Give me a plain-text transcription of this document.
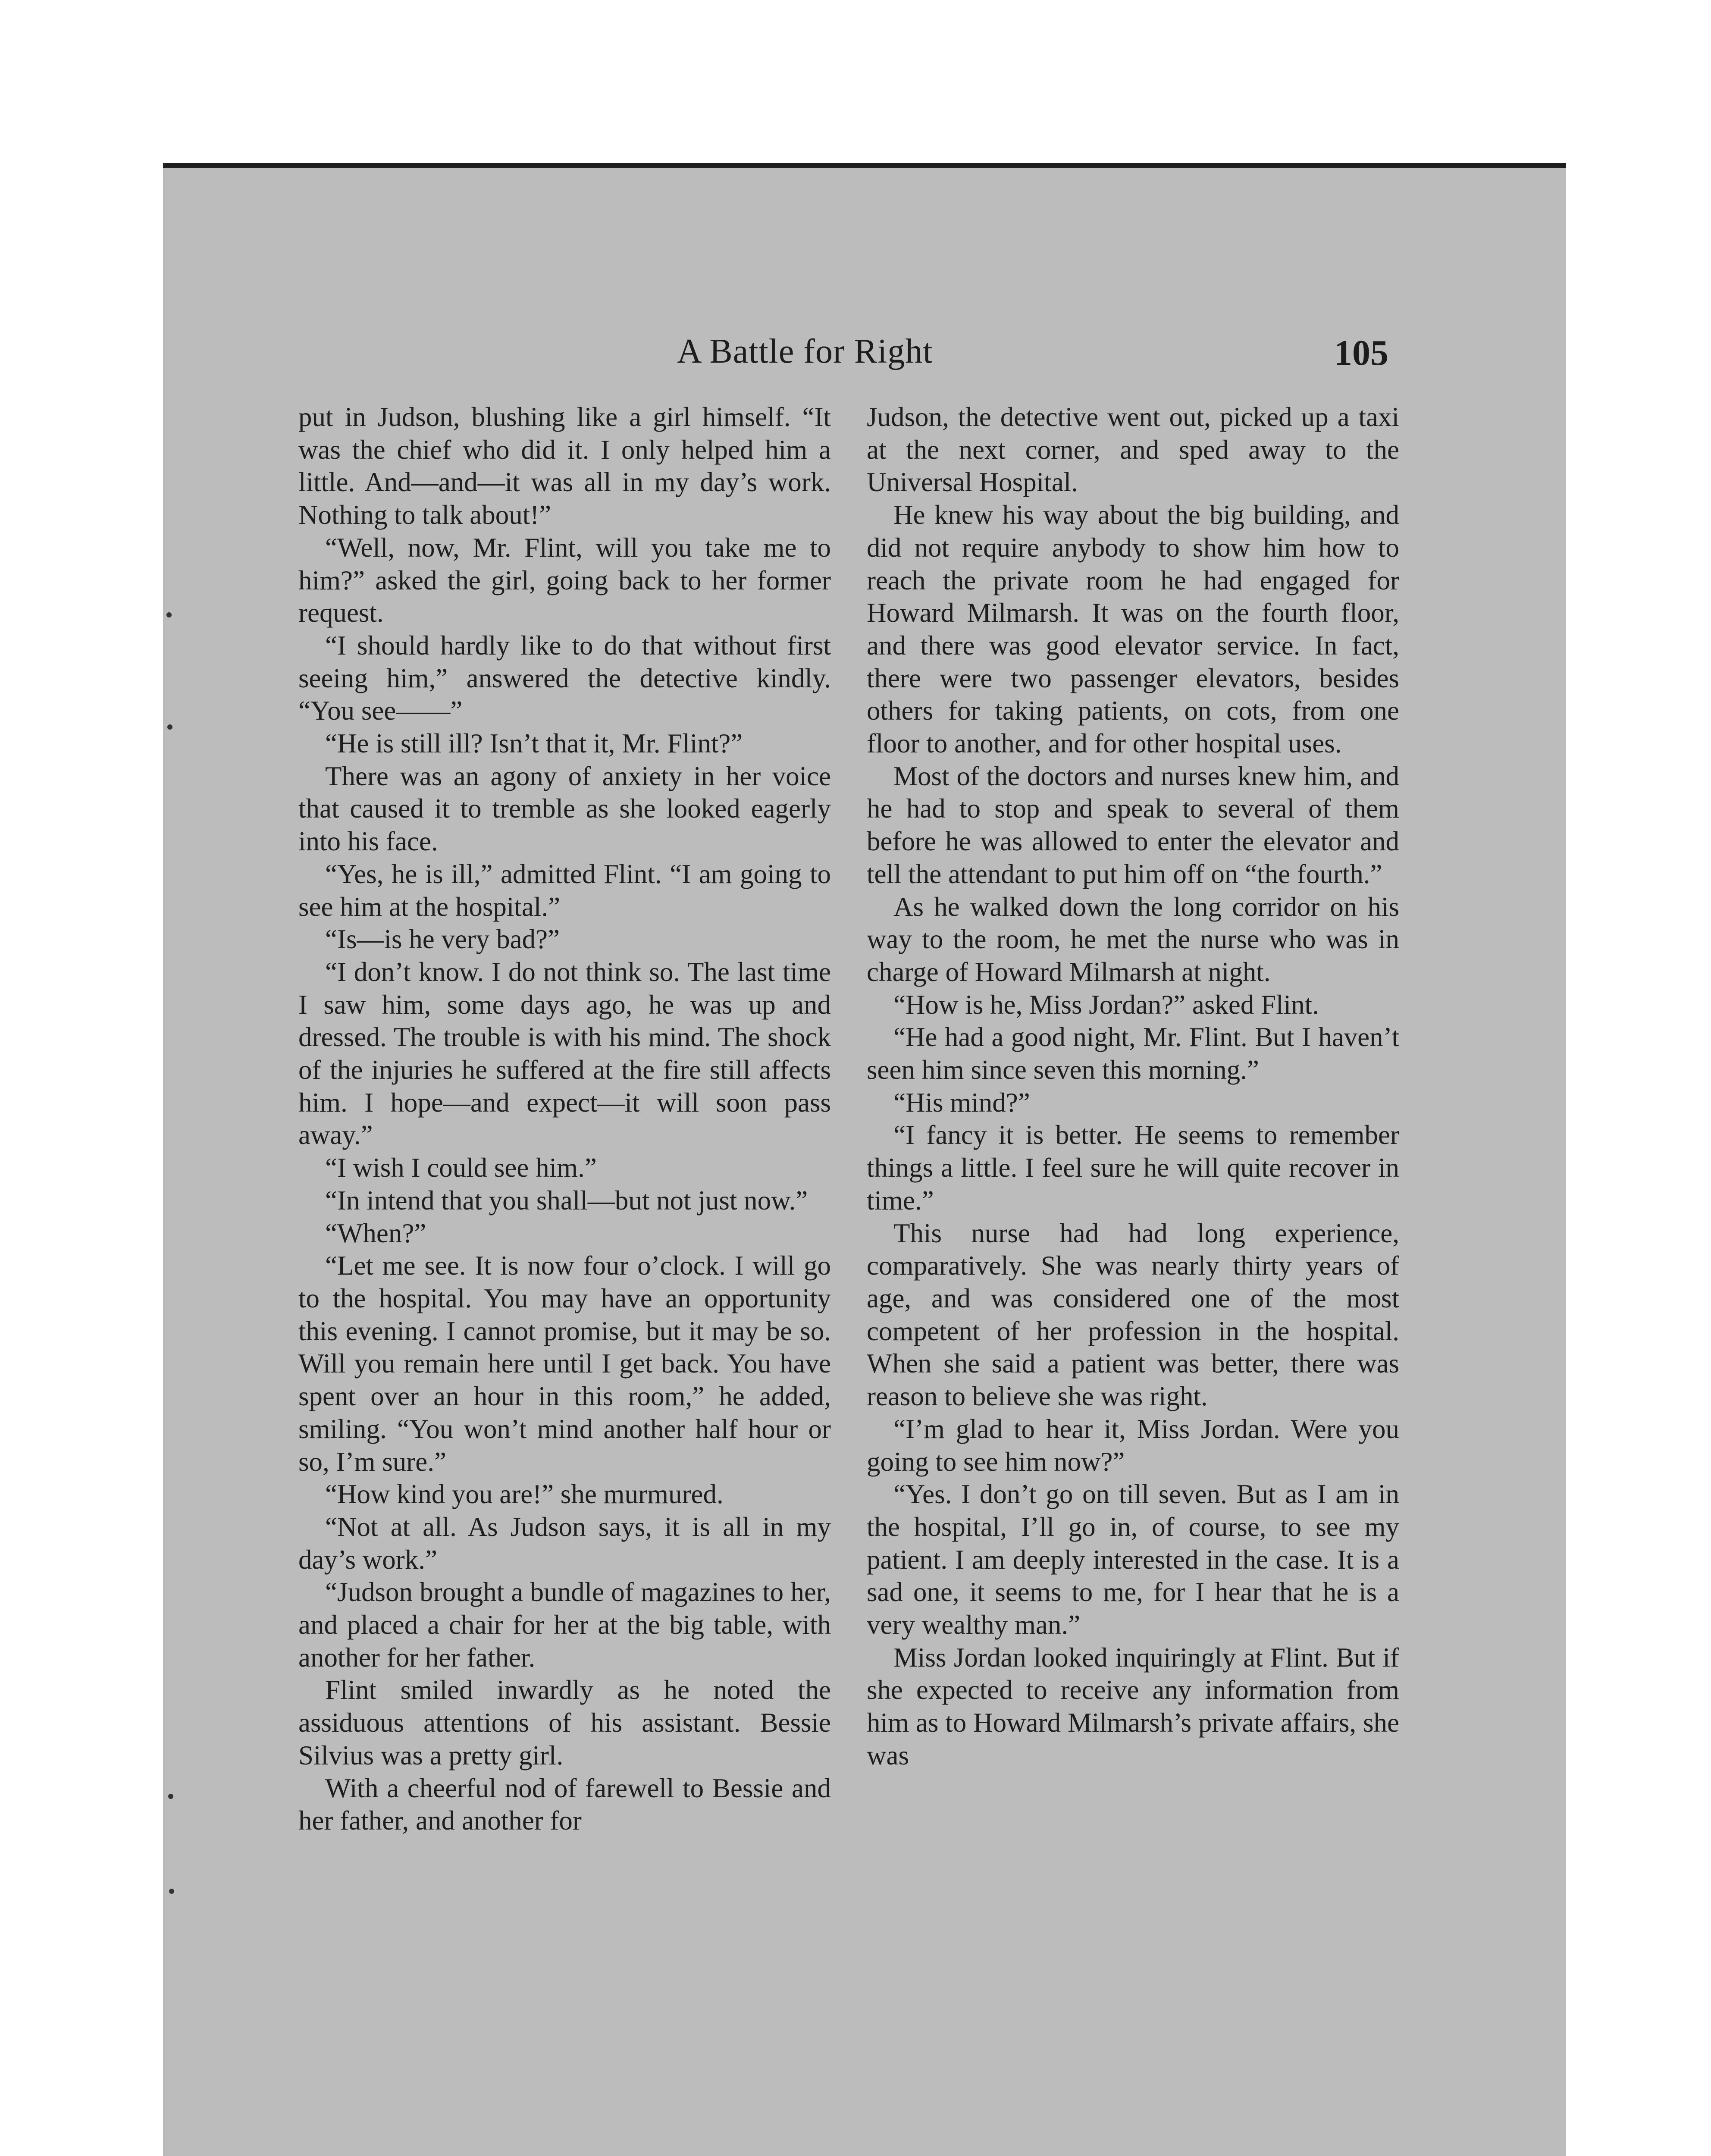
A Battle for Right	105

put in Judson, blushing like a girl himself. “It was the chief who did it. I only helped him a little. And—and—it was all in my day’s work. Nothing to talk about!”

“Well, now, Mr. Flint, will you take me to him?” asked the girl, going back to her former request.

“I should hardly like to do that without first seeing him,” answered the detective kindly. “You see——”

“He is still ill? Isn’t that it, Mr. Flint?”

There was an agony of anxiety in her voice that caused it to tremble as she looked eagerly into his face.

“Yes, he is ill,” admitted Flint. “I am going to see him at the hospital.”

“Is—is he very bad?”

“I don’t know. I do not think so. The last time I saw him, some days ago, he was up and dressed. The trouble is with his mind. The shock of the injuries he suffered at the fire still affects him. I hope—and expect—it will soon pass away.”

“I wish I could see him.”

“In intend that you shall—but not just now.”

“When?”

“Let me see. It is now four o’clock. I will go to the hospital. You may have an opportunity this evening. I cannot promise, but it may be so. Will you remain here until I get back. You have spent over an hour in this room,” he added, smiling. “You won’t mind another half hour or so, I’m sure.”

“How kind you are!” she murmured.

“Not at all. As Judson says, it is all in my day’s work.”

“Judson brought a bundle of magazines to her, and placed a chair for her at the big table, with another for her father.

Flint smiled inwardly as he noted the assiduous attentions of his assistant. Bessie Silvius was a pretty girl.

With a cheerful nod of farewell to Bessie and her father, and another for

Judson, the detective went out, picked up a taxi at the next corner, and sped away to the Universal Hospital.

He knew his way about the big building, and did not require anybody to show him how to reach the private room he had engaged for Howard Milmarsh. It was on the fourth floor, and there was good elevator service. In fact, there were two passenger elevators, besides others for taking patients, on cots, from one floor to another, and for other hospital uses.

Most of the doctors and nurses knew him, and he had to stop and speak to several of them before he was allowed to enter the elevator and tell the attendant to put him off on “the fourth.”

As he walked down the long corridor on his way to the room, he met the nurse who was in charge of Howard Milmarsh at night.

“How is he, Miss Jordan?” asked Flint.

“He had a good night, Mr. Flint. But I haven’t seen him since seven this morning.”

“His mind?”

“I fancy it is better. He seems to remember things a little. I feel sure he will quite recover in time.”

This nurse had had long experience, comparatively. She was nearly thirty years of age, and was considered one of the most competent of her profession in the hospital. When she said a patient was better, there was reason to believe she was right.

“I’m glad to hear it, Miss Jordan. Were you going to see him now?”

“Yes. I don’t go on till seven. But as I am in the hospital, I’ll go in, of course, to see my patient. I am deeply interested in the case. It is a sad one, it seems to me, for I hear that he is a very wealthy man.”

Miss Jordan looked inquiringly at Flint. But if she expected to receive any information from him as to Howard Milmarsh’s private affairs, she was
